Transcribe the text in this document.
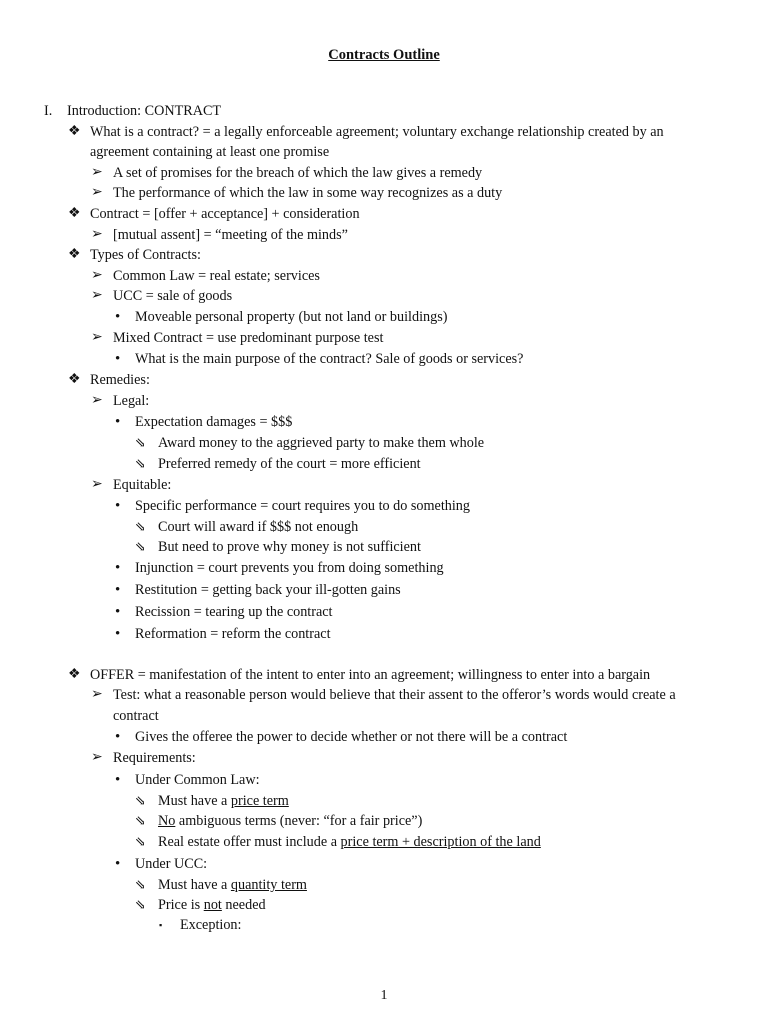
Contracts Outline
I. Introduction: CONTRACT
❖ What is a contract? = a legally enforceable agreement; voluntary exchange relationship created by an
agreement containing at least one promise
➢ A set of promises for the breach of which the law gives a remedy
➢ The performance of which the law in some way recognizes as a duty
❖ Contract = [offer + acceptance] + consideration
➢ [mutual assent] = “meeting of the minds”
❖ Types of Contracts:
➢ Common Law = real estate; services
➢ UCC = sale of goods
• Moveable personal property (but not land or buildings)
➢ Mixed Contract = use predominant purpose test
• What is the main purpose of the contract? Sale of goods or services?
❖ Remedies:
➢ Legal:
• Expectation damages = $$$
⇘ Award money to the aggrieved party to make them whole
⇘ Preferred remedy of the court = more efficient
➢ Equitable:
• Specific performance = court requires you to do something
⇘ Court will award if $$$ not enough
⇘ But need to prove why money is not sufficient
• Injunction = court prevents you from doing something
• Restitution = getting back your ill-gotten gains
• Recission = tearing up the contract
• Reformation = reform the contract
❖ OFFER = manifestation of the intent to enter into an agreement; willingness to enter into a bargain
➢ Test: what a reasonable person would believe that their assent to the offeror’s words would create a
contract
• Gives the offeree the power to decide whether or not there will be a contract
➢ Requirements:
• Under Common Law:
⇘ Must have a price term
⇘ No ambiguous terms (never: “for a fair price”)
⇘ Real estate offer must include a price term + description of the land
• Under UCC:
⇘ Must have a quantity term
⇘ Price is not needed
▪ Exception:
1
